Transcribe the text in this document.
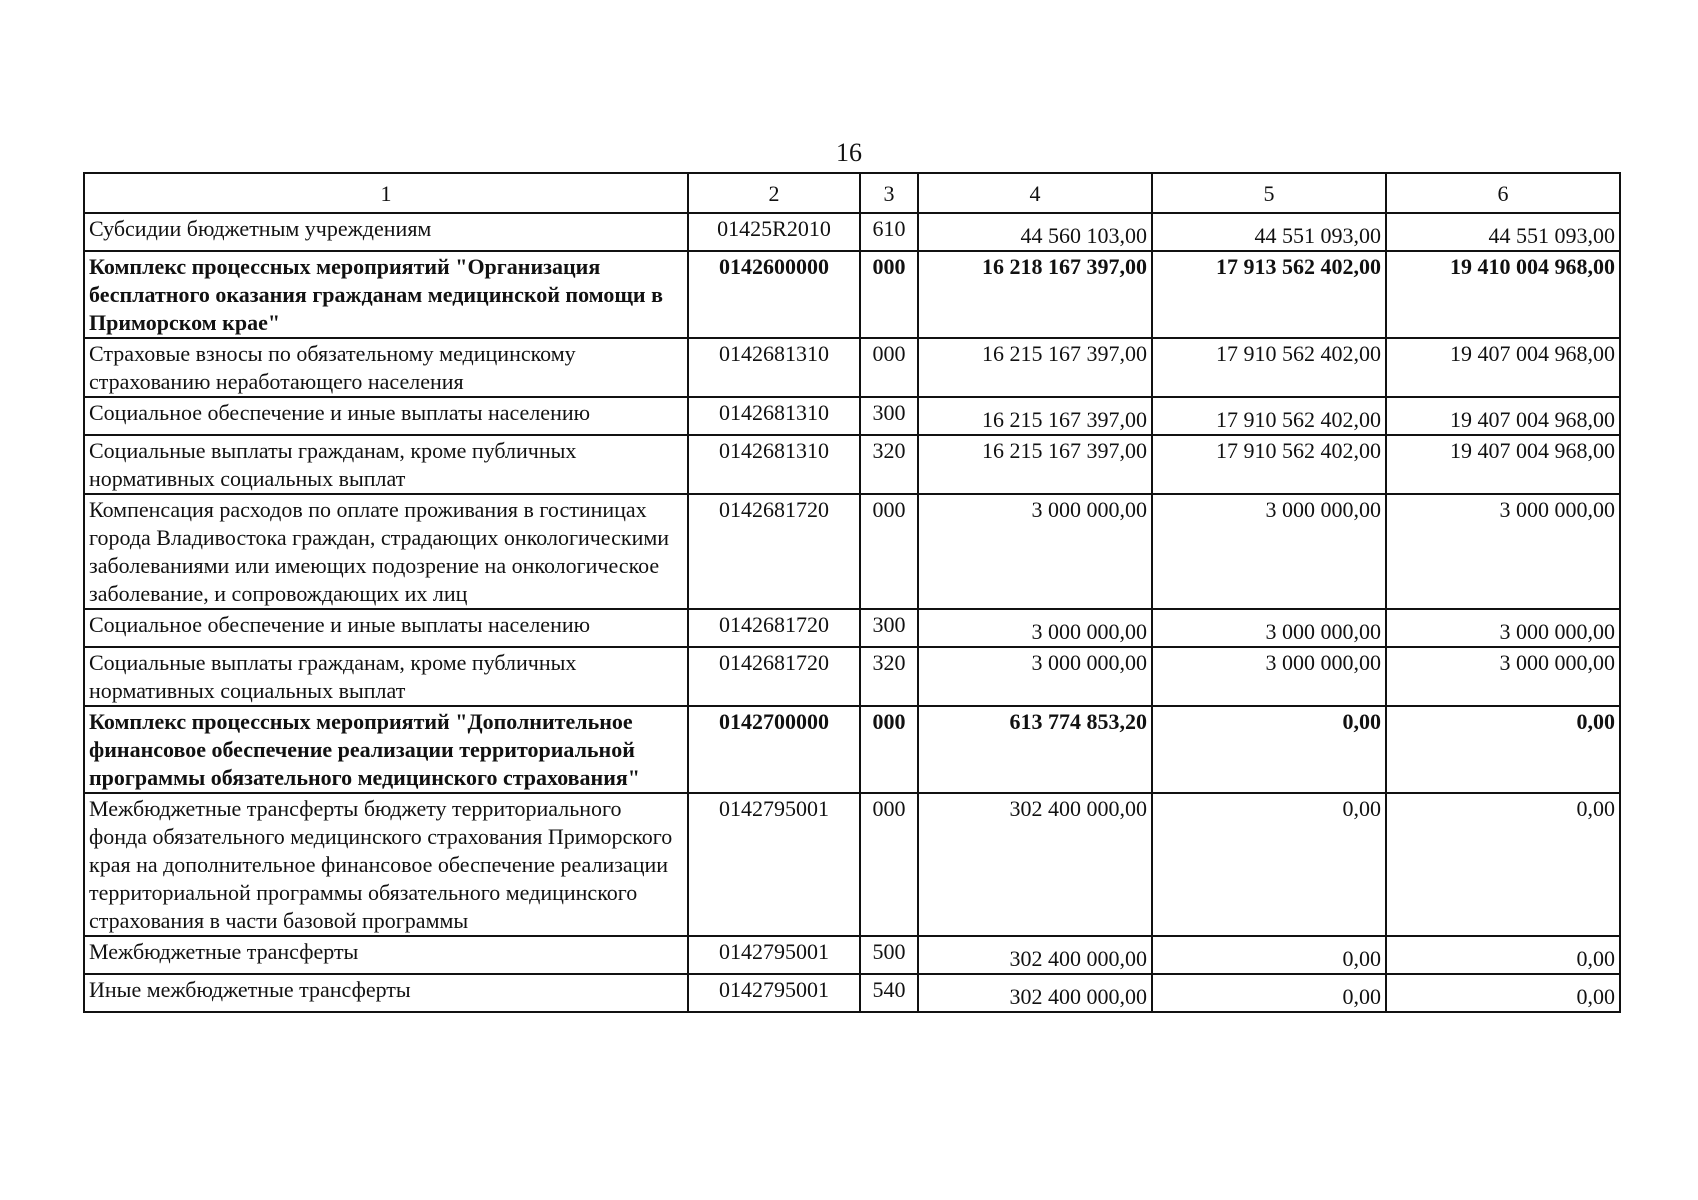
16
1	2	3	4	5	6
Субсидии бюджетным учреждениям	01425R2010	610	44 560 103,00	44 551 093,00	44 551 093,00
Комплекс процессных мероприятий "Организация бесплатного оказания гражданам медицинской помощи в Приморском крае"	0142600000	000	16 218 167 397,00	17 913 562 402,00	19 410 004 968,00
Страховые взносы по обязательному медицинскому страхованию неработающего населения	0142681310	000	16 215 167 397,00	17 910 562 402,00	19 407 004 968,00
Социальное обеспечение и иные выплаты населению	0142681310	300	16 215 167 397,00	17 910 562 402,00	19 407 004 968,00
Социальные выплаты гражданам, кроме публичных нормативных социальных выплат	0142681310	320	16 215 167 397,00	17 910 562 402,00	19 407 004 968,00
Компенсация расходов по оплате проживания в гостиницах города Владивостока граждан, страдающих онкологическими заболеваниями или имеющих подозрение на онкологическое заболевание, и сопровождающих их лиц	0142681720	000	3 000 000,00	3 000 000,00	3 000 000,00
Социальное обеспечение и иные выплаты населению	0142681720	300	3 000 000,00	3 000 000,00	3 000 000,00
Социальные выплаты гражданам, кроме публичных нормативных социальных выплат	0142681720	320	3 000 000,00	3 000 000,00	3 000 000,00
Комплекс процессных мероприятий "Дополнительное финансовое обеспечение реализации территориальной программы обязательного медицинского страхования"	0142700000	000	613 774 853,20	0,00	0,00
Межбюджетные трансферты бюджету территориального фонда обязательного медицинского страхования Приморского края на дополнительное финансовое обеспечение реализации территориальной программы обязательного медицинского страхования в части базовой программы	0142795001	000	302 400 000,00	0,00	0,00
Межбюджетные трансферты	0142795001	500	302 400 000,00	0,00	0,00
Иные межбюджетные трансферты	0142795001	540	302 400 000,00	0,00	0,00
